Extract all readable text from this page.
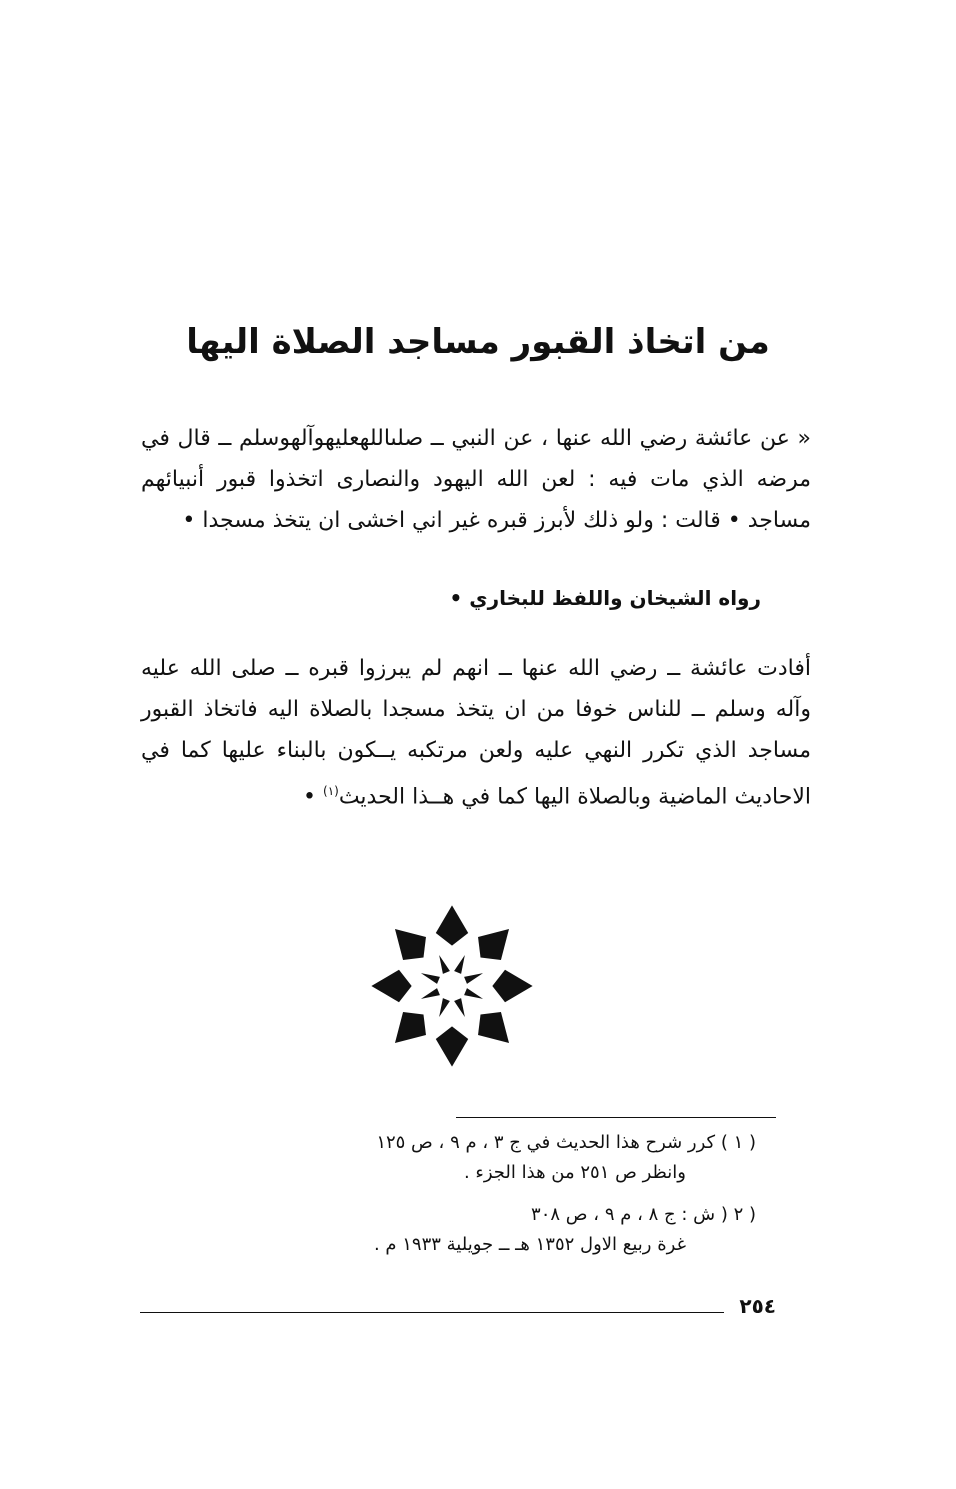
من اتخاذ القبور مساجد الصلاة اليها

« عن عائشة رضي الله عنها ، عن النبي ــ صلىاللهعليهوآلهوسلم ــ قال في مرضه الذي مات فيه : لعن الله اليهود والنصارى اتخذوا قبور أنبيائهم مساجد • قالت : ولو ذلك لأبرز قبره غير اني اخشى ان يتخذ مسجدا •

رواه الشيخان واللفظ للبخاري •

أفادت عائشة ــ رضي الله عنها ــ انهم لم يبرزوا قبره ــ صلى الله عليه وآله وسلم ــ للناس خوفا من ان يتخذ مسجدا بالصلاة اليه فاتخاذ القبور مساجد الذي تكرر النهي عليه ولعن مرتكبه يــكون بالبناء عليها كما في الاحاديث الماضية وبالصلاة اليها كما في هــذا الحديث$^{(١)}$ •

( ١ ) كرر شرح هذا الحديث في ج ٣ ، م ٩ ، ص ١٢٥
وانظر ص ٢٥١ من هذا الجزء .

( ٢ ( ش : ج ٨ ، م ٩ ، ص ٣٠٨
غرة ربيع الاول ١٣٥٢ هـ ــ جويلية ١٩٣٣ م .

٢٥٤
